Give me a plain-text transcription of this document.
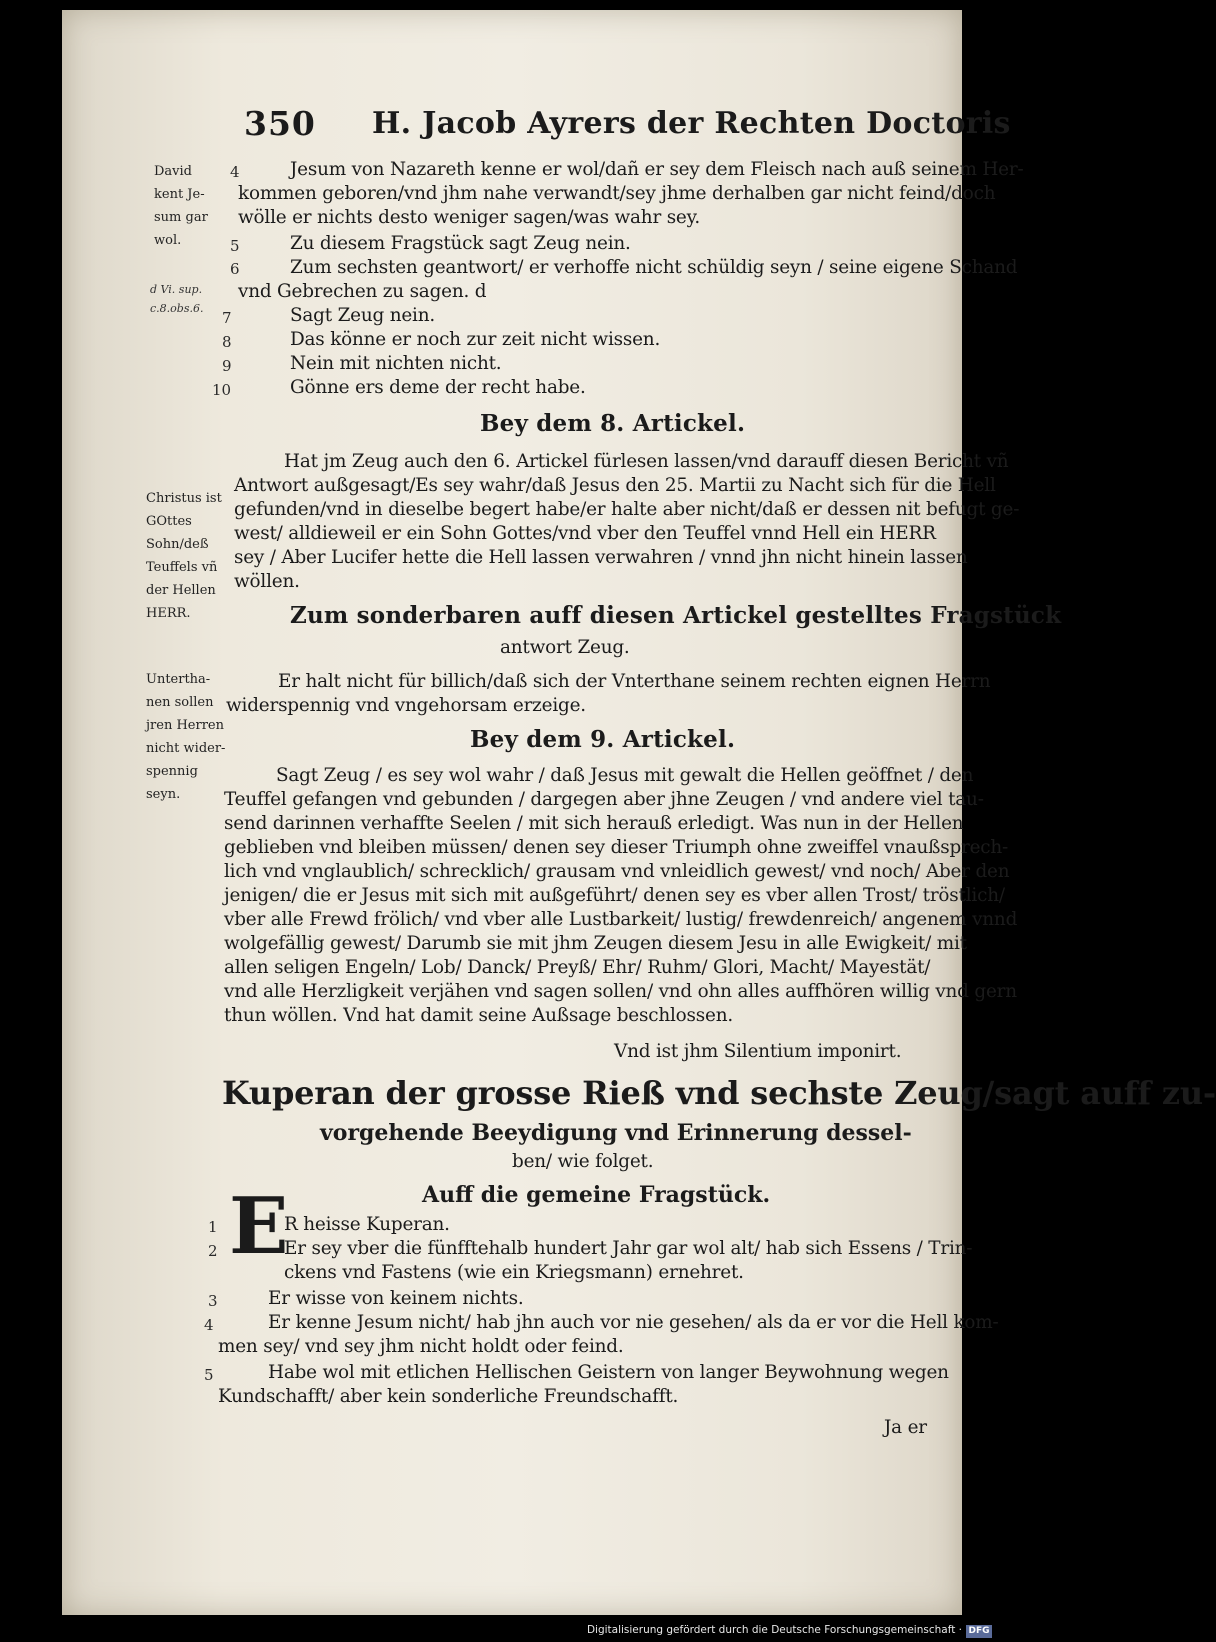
350 H. Jacob Ayrers der Rechten Doctoris
David
kent Je-
sum gar
wol.
d Vi. sup.
c.8.obs.6.
Christus ist
GOttes
Sohn/deß
Teuffels vñ
der Hellen
HERR.
Untertha-
nen sollen
jren Herren
nicht wider-
spennig
seyn.
4	Jesum von Nazareth kenne er wol/dañ er sey dem Fleisch nach auß seinem Her-
kommen geboren/vnd jhm nahe verwandt/sey jhme derhalben gar nicht feind/doch
wölle er nichts desto weniger sagen/was wahr sey.
5	Zu diesem Fragstück sagt Zeug nein.
6	Zum sechsten geantwort/ er verhoffe nicht schüldig seyn / seine eigene Schand
vnd Gebrechen zu sagen. d
7	Sagt Zeug nein.
8	Das könne er noch zur zeit nicht wissen.
9	Nein mit nichten nicht.
10	Gönne ers deme der recht habe.
Bey dem 8. Artickel.
Hat jm Zeug auch den 6. Artickel fürlesen lassen/vnd darauff diesen Bericht vñ
Antwort außgesagt/Es sey wahr/daß Jesus den 25. Martii zu Nacht sich für die Hell
gefunden/vnd in dieselbe begert habe/er halte aber nicht/daß er dessen nit befugt ge-
west/ alldieweil er ein Sohn Gottes/vnd vber den Teuffel vnnd Hell ein HERR
sey / Aber Lucifer hette die Hell lassen verwahren / vnnd jhn nicht hinein lassen
wöllen.
Zum sonderbaren auff diesen Artickel gestelltes Fragstück
antwort Zeug.
Er halt nicht für billich/daß sich der Vnterthane seinem rechten eignen Herrn
widerspennig vnd vngehorsam erzeige.
Bey dem 9. Artickel.
Sagt Zeug / es sey wol wahr / daß Jesus mit gewalt die Hellen geöffnet / den
Teuffel gefangen vnd gebunden / dargegen aber jhne Zeugen / vnd andere viel tau-
send darinnen verhaffte Seelen / mit sich herauß erledigt. Was nun in der Hellen
geblieben vnd bleiben müssen/ denen sey dieser Triumph ohne zweiffel vnaußsprech-
lich vnd vnglaublich/ schrecklich/ grausam vnd vnleidlich gewest/ vnd noch/ Aber den
jenigen/ die er Jesus mit sich mit außgeführt/ denen sey es vber allen Trost/ tröstlich/
vber alle Frewd frölich/ vnd vber alle Lustbarkeit/ lustig/ frewdenreich/ angenem vnnd
wolgefällig gewest/ Darumb sie mit jhm Zeugen diesem Jesu in alle Ewigkeit/ mit
allen seligen Engeln/ Lob/ Danck/ Preyß/ Ehr/ Ruhm/ Glori, Macht/ Mayestät/
vnd alle Herzligkeit verjähen vnd sagen sollen/ vnd ohn alles auffhören willig vnd gern
thun wöllen. Vnd hat damit seine Außsage beschlossen.
Vnd ist jhm Silentium imponirt.
Kuperan der grosse Rieß vnd sechste Zeug/sagt auff zu-
vorgehende Beeydigung vnd Erinnerung dessel-
ben/ wie folget.
Auff die gemeine Fragstück.
E
1	R heisse Kuperan.
2	Er sey vber die fünfftehalb hundert Jahr gar wol alt/ hab sich Essens / Trin-
ckens vnd Fastens (wie ein Kriegsmann) ernehret.
3	Er wisse von keinem nichts.
4	Er kenne Jesum nicht/ hab jhn auch vor nie gesehen/ als da er vor die Hell kom-
men sey/ vnd sey jhm nicht holdt oder feind.
5	Habe wol mit etlichen Hellischen Geistern von langer Beywohnung wegen
Kundschafft/ aber kein sonderliche Freundschafft.
Ja er
Digitalisierung gefördert durch die Deutsche Forschungsgemeinschaft · DFG
